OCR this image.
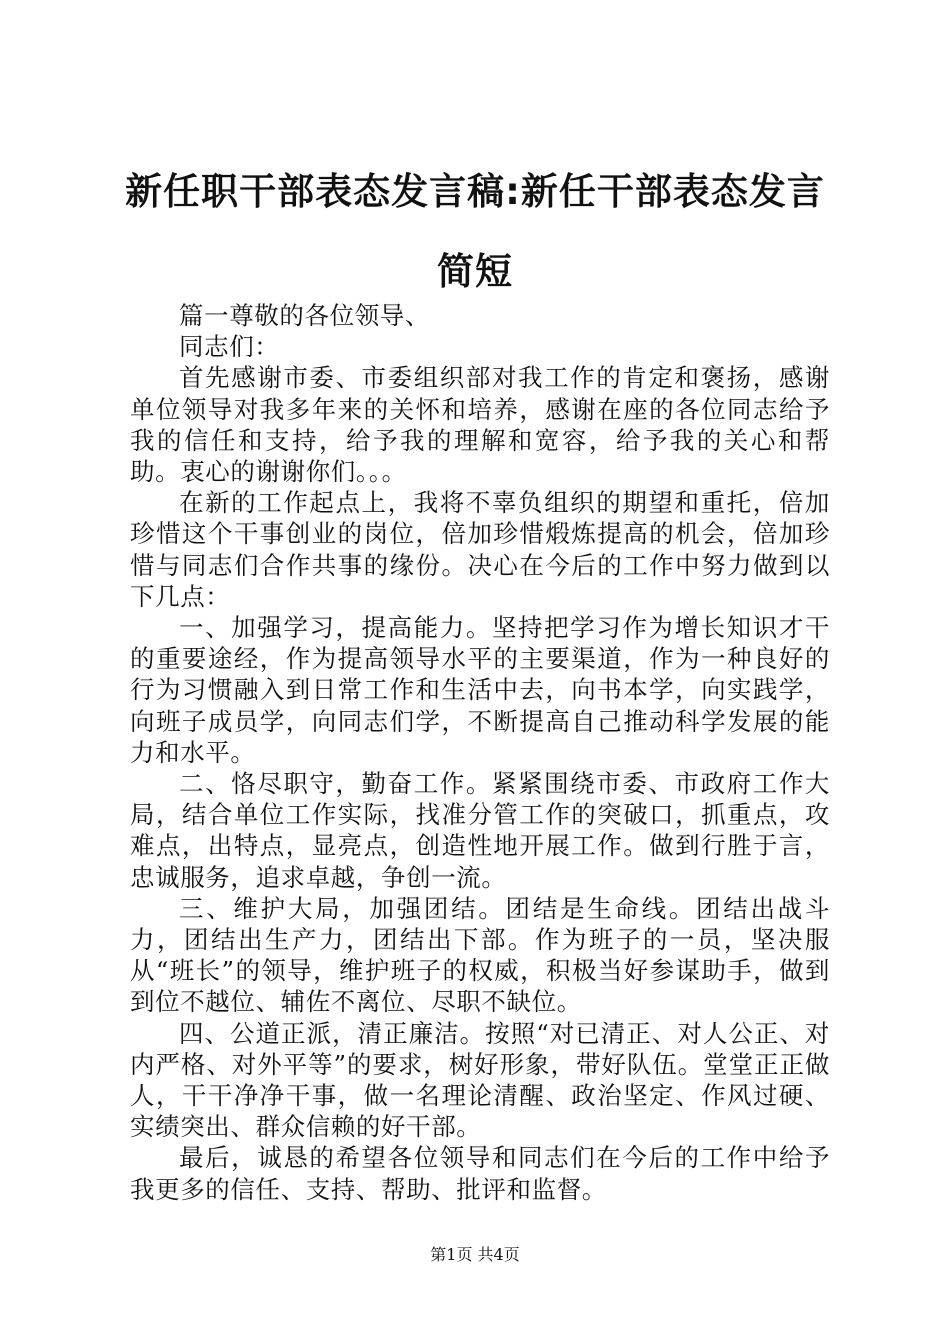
新任职干部表态发言稿:新任干部表态发言简短

篇一尊敬的各位领导、

同志们：

首先感谢市委、市委组织部对我工作的肯定和褒扬，感谢单位领导对我多年来的关怀和培养，感谢在座的各位同志给予我的信任和支持，给予我的理解和宽容，给予我的关心和帮助。衷心的谢谢你们。。。

在新的工作起点上，我将不辜负组织的期望和重托，倍加珍惜这个干事创业的岗位，倍加珍惜煅炼提高的机会，倍加珍惜与同志们合作共事的缘份。决心在今后的工作中努力做到以下几点：

一、加强学习，提高能力。坚持把学习作为增长知识才干的重要途经，作为提高领导水平的主要渠道，作为一种良好的行为习惯融入到日常工作和生活中去，向书本学，向实践学，向班子成员学，向同志们学，不断提高自己推动科学发展的能力和水平。

二、恪尽职守，勤奋工作。紧紧围绕市委、市政府工作大局，结合单位工作实际，找准分管工作的突破口，抓重点，攻难点，出特点，显亮点，创造性地开展工作。做到行胜于言，忠诚服务，追求卓越，争创一流。

三、维护大局，加强团结。团结是生命线。团结出战斗力，团结出生产力，团结出下部。作为班子的一员，坚决服从“班长”的领导，维护班子的权威，积极当好参谋助手，做到到位不越位、辅佐不离位、尽职不缺位。

四、公道正派，清正廉洁。按照“对已清正、对人公正、对内严格、对外平等”的要求，树好形象，带好队伍。堂堂正正做人，干干净净干事，做一名理论清醒、政治坚定、作风过硬、实绩突出、群众信赖的好干部。

最后，诚恳的希望各位领导和同志们在今后的工作中给予我更多的信任、支持、帮助、批评和监督。

第1页 共4页
